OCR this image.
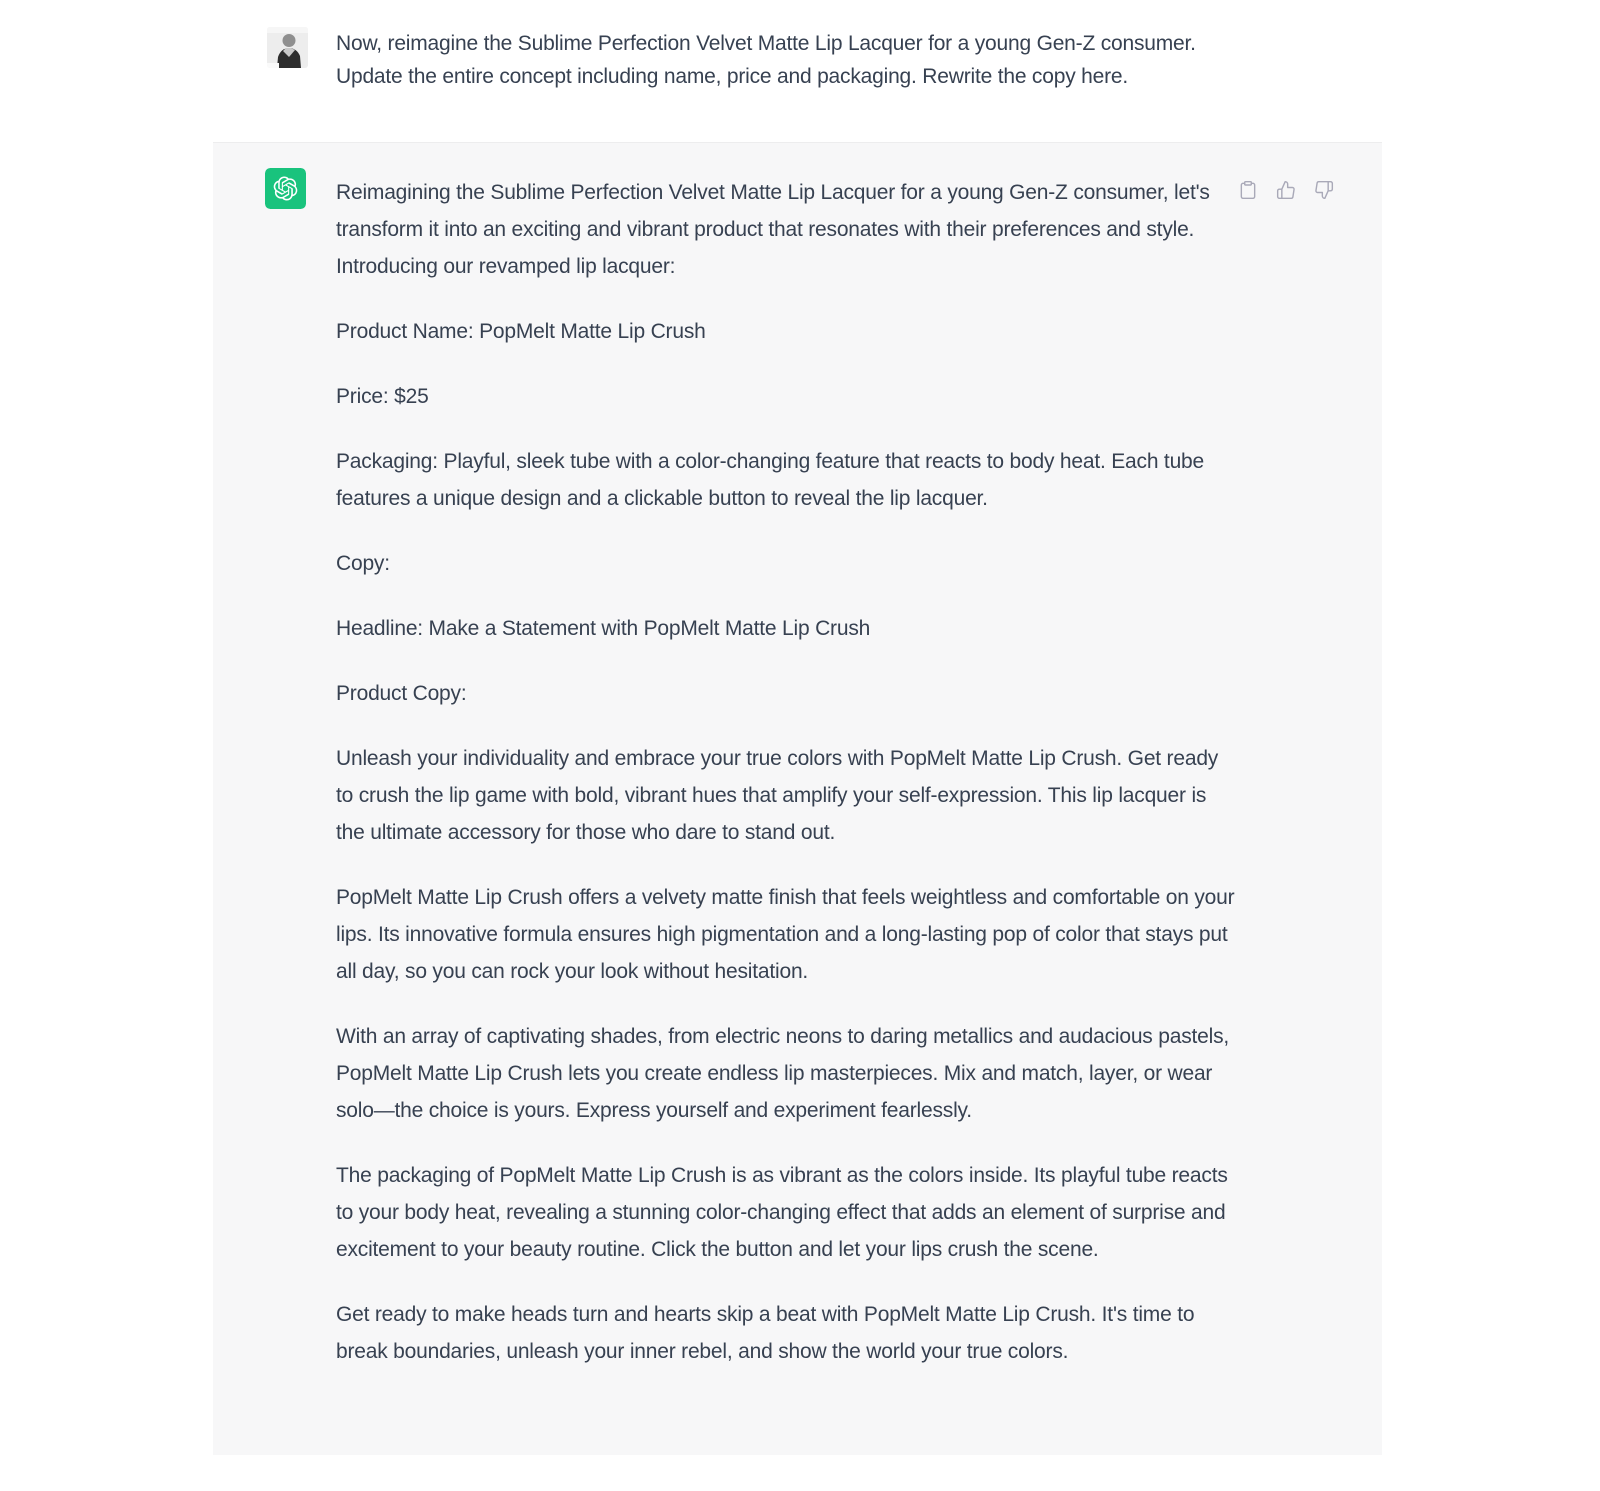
Now, reimagine the Sublime Perfection Velvet Matte Lip Lacquer for a young Gen-Z consumer. Update the entire concept including name, price and packaging. Rewrite the copy here.

Reimagining the Sublime Perfection Velvet Matte Lip Lacquer for a young Gen-Z consumer, let's transform it into an exciting and vibrant product that resonates with their preferences and style. Introducing our revamped lip lacquer:

Product Name: PopMelt Matte Lip Crush

Price: $25

Packaging: Playful, sleek tube with a color-changing feature that reacts to body heat. Each tube features a unique design and a clickable button to reveal the lip lacquer.

Copy:

Headline: Make a Statement with PopMelt Matte Lip Crush

Product Copy:

Unleash your individuality and embrace your true colors with PopMelt Matte Lip Crush. Get ready to crush the lip game with bold, vibrant hues that amplify your self-expression. This lip lacquer is the ultimate accessory for those who dare to stand out.

PopMelt Matte Lip Crush offers a velvety matte finish that feels weightless and comfortable on your lips. Its innovative formula ensures high pigmentation and a long-lasting pop of color that stays put all day, so you can rock your look without hesitation.

With an array of captivating shades, from electric neons to daring metallics and audacious pastels, PopMelt Matte Lip Crush lets you create endless lip masterpieces. Mix and match, layer, or wear solo—the choice is yours. Express yourself and experiment fearlessly.

The packaging of PopMelt Matte Lip Crush is as vibrant as the colors inside. Its playful tube reacts to your body heat, revealing a stunning color-changing effect that adds an element of surprise and excitement to your beauty routine. Click the button and let your lips crush the scene.

Get ready to make heads turn and hearts skip a beat with PopMelt Matte Lip Crush. It's time to break boundaries, unleash your inner rebel, and show the world your true colors.
